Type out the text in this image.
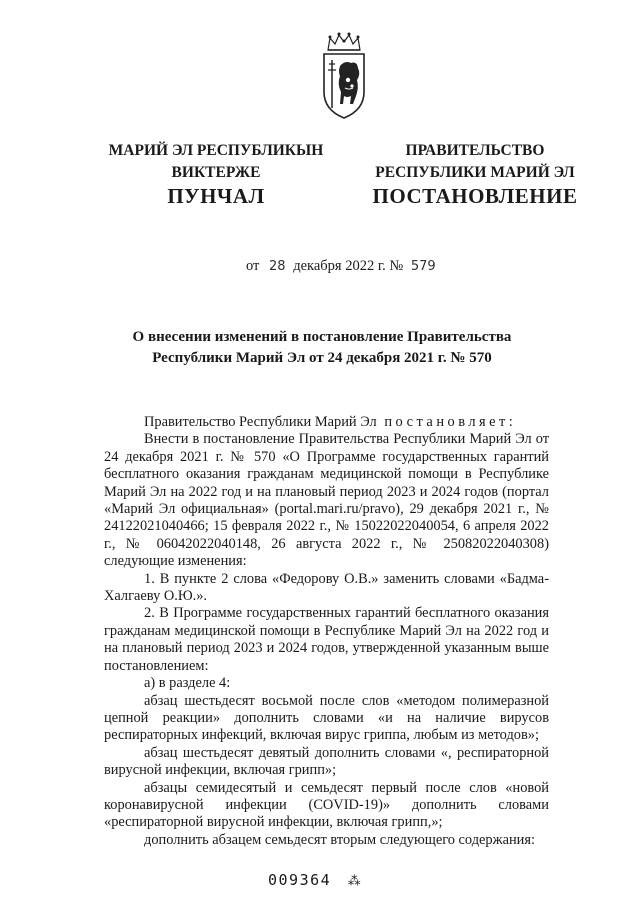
МАРИЙ ЭЛ РЕСПУБЛИКЫН
ВИКТЕРЖЕ
ПУНЧАЛ
ПРАВИТЕЛЬСТВО
РЕСПУБЛИКИ МАРИЙ ЭЛ
ПОСТАНОВЛЕНИЕ
от 28 декабря 2022 г. № 579
О внесении изменений в постановление Правительства
Республики Марий Эл от 24 декабря 2021 г. № 570

Правительство Республики Марий Эл постановляет:

Внести в постановление Правительства Республики Марий Эл от 24 декабря 2021 г. № 570 «О Программе государственных гарантий бесплатного оказания гражданам медицинской помощи в Республике Марий Эл на 2022 год и на плановый период 2023 и 2024 годов (портал «Марий Эл официальная» (portal.mari.ru/pravo), 29 декабря 2021 г., № 24122021040466; 15 февраля 2022 г., № 15022022040054, 6 апреля 2022 г., № 06042022040148, 26 августа 2022 г., № 25082022040308) следующие изменения:

1. В пункте 2 слова «Федорову О.В.» заменить словами «Бадма-Халгаеву О.Ю.».

2. В Программе государственных гарантий бесплатного оказания гражданам медицинской помощи в Республике Марий Эл на 2022 год и на плановый период 2023 и 2024 годов, утвержденной указанным выше постановлением:

а) в разделе 4:

абзац шестьдесят восьмой после слов «методом полимеразной цепной реакции» дополнить словами «и на наличие вирусов респираторных инфекций, включая вирус гриппа, любым из методов»;

абзац шестьдесят девятый дополнить словами «, респираторной вирусной инфекции, включая грипп»;

абзацы семидесятый и семьдесят первый после слов «новой коронавирусной инфекции (COVID-19)» дополнить словами «респираторной вирусной инфекции, включая грипп,»;

дополнить абзацем семьдесят вторым следующего содержания:

009364 ⁂
